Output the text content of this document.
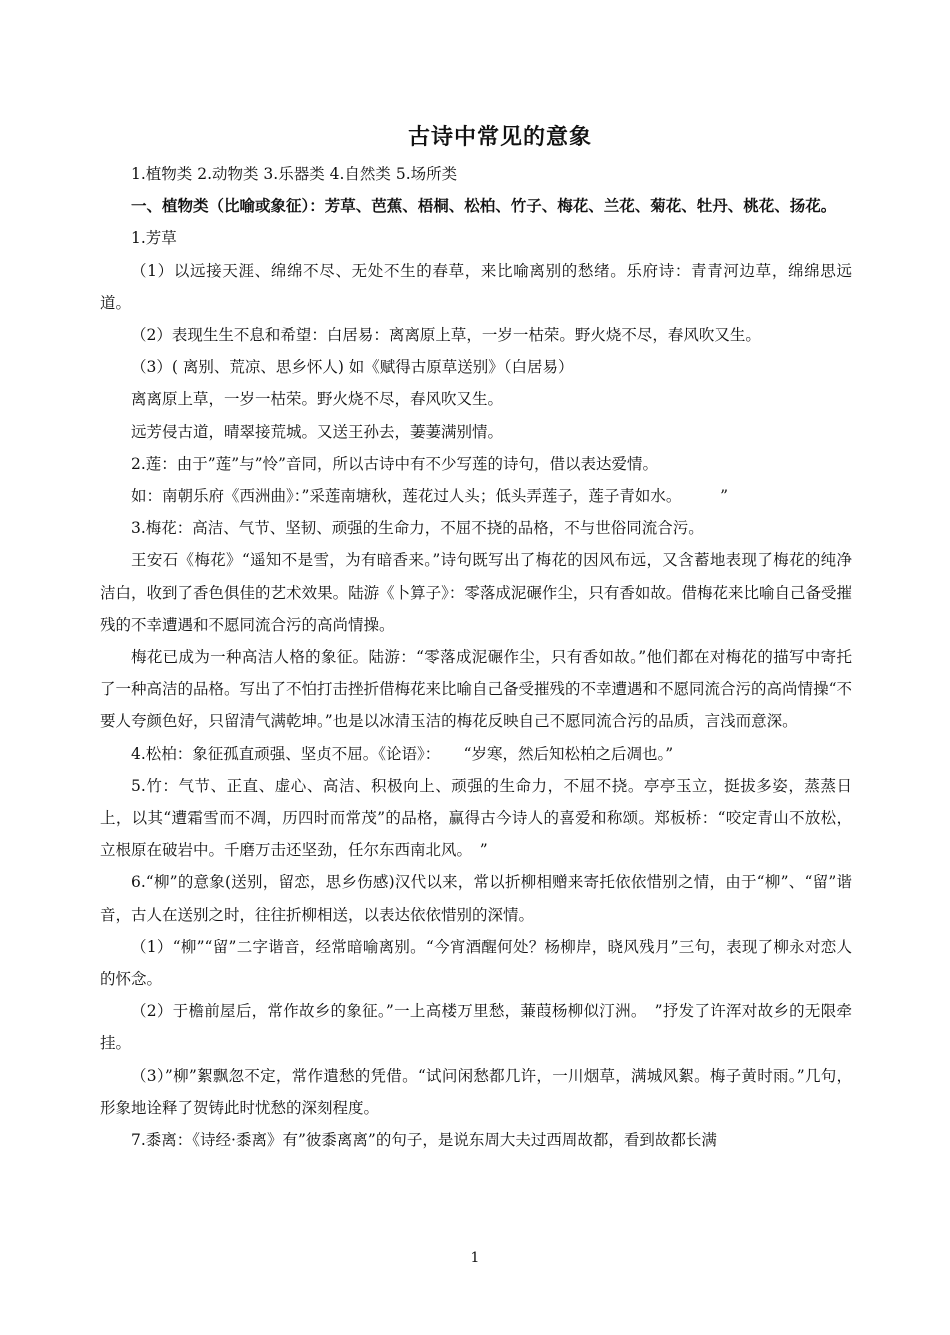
古诗中常见的意象

1.植物类 2.动物类 3.乐器类 4.自然类 5.场所类

一、植物类（比喻或象征）：芳草、芭蕉、梧桐、松柏、竹子、梅花、兰花、菊花、牡丹、桃花、扬花。

1.芳草

（1）以远接天涯、绵绵不尽、无处不生的春草，来比喻离别的愁绪。乐府诗：青青河边草，绵绵思远道。

（2）表现生生不息和希望：白居易：离离原上草，一岁一枯荣。野火烧不尽，春风吹又生。

（3）( 离别、荒凉、思乡怀人) 如《赋得古原草送别》（白居易）

离离原上草，一岁一枯荣。野火烧不尽，春风吹又生。

远芳侵古道，晴翠接荒城。又送王孙去，萋萋满别情。

2.莲：由于”莲”与”怜”音同，所以古诗中有不少写莲的诗句，借以表达爱情。

如：南朝乐府《西洲曲》：”采莲南塘秋，莲花过人头；低头弄莲子，莲子青如水。　　　”

3.梅花：高洁、气节、坚韧、顽强的生命力，不屈不挠的品格，不与世俗同流合污。

王安石《梅花》“遥知不是雪，为有暗香来。”诗句既写出了梅花的因风布远，又含蓄地表现了梅花的纯净洁白，收到了香色俱佳的艺术效果。陆游《卜算子》：零落成泥碾作尘，只有香如故。借梅花来比喻自己备受摧残的不幸遭遇和不愿同流合污的高尚情操。

梅花已成为一种高洁人格的象征。陆游：“零落成泥碾作尘，只有香如故。”他们都在对梅花的描写中寄托了一种高洁的品格。写出了不怕打击挫折借梅花来比喻自己备受摧残的不幸遭遇和不愿同流合污的高尚情操“不要人夸颜色好，只留清气满乾坤。”也是以冰清玉洁的梅花反映自己不愿同流合污的品质，言浅而意深。

4.松柏：象征孤直顽强、坚贞不屈。《论语》：　　“岁寒，然后知松柏之后凋也。”

5.竹：气节、正直、虚心、高洁、积极向上、顽强的生命力，不屈不挠。亭亭玉立，挺拔多姿，蒸蒸日上，以其“遭霜雪而不凋，历四时而常茂”的品格，赢得古今诗人的喜爱和称颂。郑板桥：“咬定青山不放松，立根原在破岩中。千磨万击还坚劲，任尔东西南北风。　”

6.“柳”的意象(送别，留恋，思乡伤感)汉代以来，常以折柳相赠来寄托依依惜别之情，由于“柳”、“留”谐音，古人在送别之时，往往折柳相送，以表达依依惜别的深情。

（1）“柳”“留”二字谐音，经常暗喻离别。“今宵酒醒何处？杨柳岸，晓风残月”三句，表现了柳永对恋人的怀念。

（2）于檐前屋后，常作故乡的象征。”一上高楼万里愁，蒹葭杨柳似汀洲。　”抒发了许浑对故乡的无限牵挂。

（3）”柳”絮飘忽不定，常作遣愁的凭借。“试问闲愁都几许，一川烟草，满城风絮。梅子黄时雨。”几句，形象地诠释了贺铸此时忧愁的深刻程度。

7.黍离：《诗经·黍离》有”彼黍离离”的句子，是说东周大夫过西周故都，看到故都长满

1
